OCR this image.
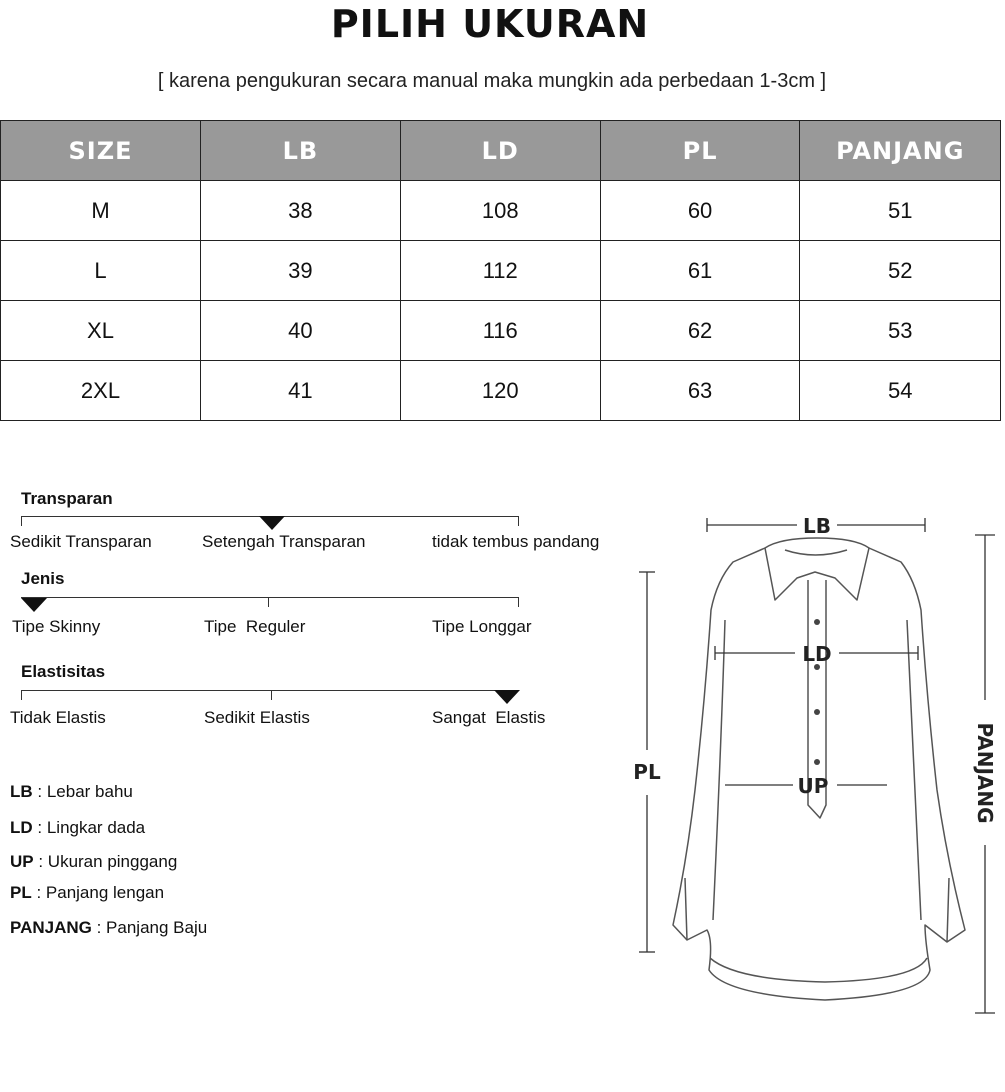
PILIH UKURAN
[ karena pengukuran secara manual maka mungkin ada perbedaan 1-3cm ]
SIZE	LB	LD	PL	PANJANG
M	38	108	60	51
L	39	112	61	52
XL	40	116	62	53
2XL	41	120	63	54
Transparan
Sedikit Transparan	Setengah Transparan	tidak tembus pandang
Jenis
Tipe Skinny	Tipe  Reguler	Tipe Longgar
Elastisitas
Tidak Elastis	Sedikit Elastis	Sangat  Elastis
LB : Lebar bahu
LD : Lingkar dada
UP : Ukuran pinggang
PL : Panjang lengan
PANJANG : Panjang Baju
LB
LD
UP
PL	PANJANG
